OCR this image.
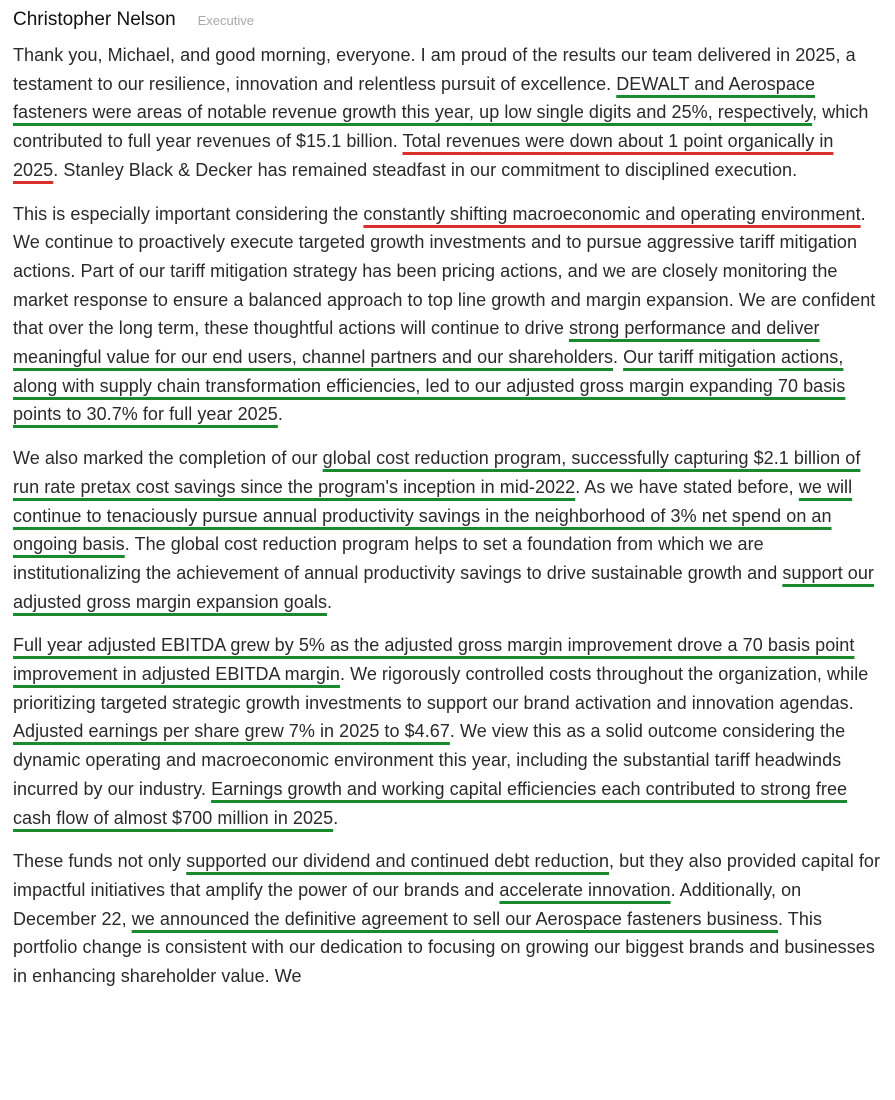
Christopher Nelson Executive

Thank you, Michael, and good morning, everyone. I am proud of the results our team delivered in 2025, a testament to our resilience, innovation and relentless pursuit of excellence. DEWALT and Aerospace fasteners were areas of notable revenue growth this year, up low single digits and 25%, respectively, which contributed to full year revenues of $15.1 billion. Total revenues were down about 1 point organically in 2025. Stanley Black & Decker has remained steadfast in our commitment to disciplined execution.

This is especially important considering the constantly shifting macroeconomic and operating environment. We continue to proactively execute targeted growth investments and to pursue aggressive tariff mitigation actions. Part of our tariff mitigation strategy has been pricing actions, and we are closely monitoring the market response to ensure a balanced approach to top line growth and margin expansion. We are confident that over the long term, these thoughtful actions will continue to drive strong performance and deliver meaningful value for our end users, channel partners and our shareholders. Our tariff mitigation actions, along with supply chain transformation efficiencies, led to our adjusted gross margin expanding 70 basis points to 30.7% for full year 2025.

We also marked the completion of our global cost reduction program, successfully capturing $2.1 billion of run rate pretax cost savings since the program's inception in mid-2022. As we have stated before, we will continue to tenaciously pursue annual productivity savings in the neighborhood of 3% net spend on an ongoing basis. The global cost reduction program helps to set a foundation from which we are institutionalizing the achievement of annual productivity savings to drive sustainable growth and support our adjusted gross margin expansion goals.

Full year adjusted EBITDA grew by 5% as the adjusted gross margin improvement drove a 70 basis point improvement in adjusted EBITDA margin. We rigorously controlled costs throughout the organization, while prioritizing targeted strategic growth investments to support our brand activation and innovation agendas. Adjusted earnings per share grew 7% in 2025 to $4.67. We view this as a solid outcome considering the dynamic operating and macroeconomic environment this year, including the substantial tariff headwinds incurred by our industry. Earnings growth and working capital efficiencies each contributed to strong free cash flow of almost $700 million in 2025.

These funds not only supported our dividend and continued debt reduction, but they also provided capital for impactful initiatives that amplify the power of our brands and accelerate innovation. Additionally, on December 22, we announced the definitive agreement to sell our Aerospace fasteners business. This portfolio change is consistent with our dedication to focusing on growing our biggest brands and businesses in enhancing shareholder value. We
